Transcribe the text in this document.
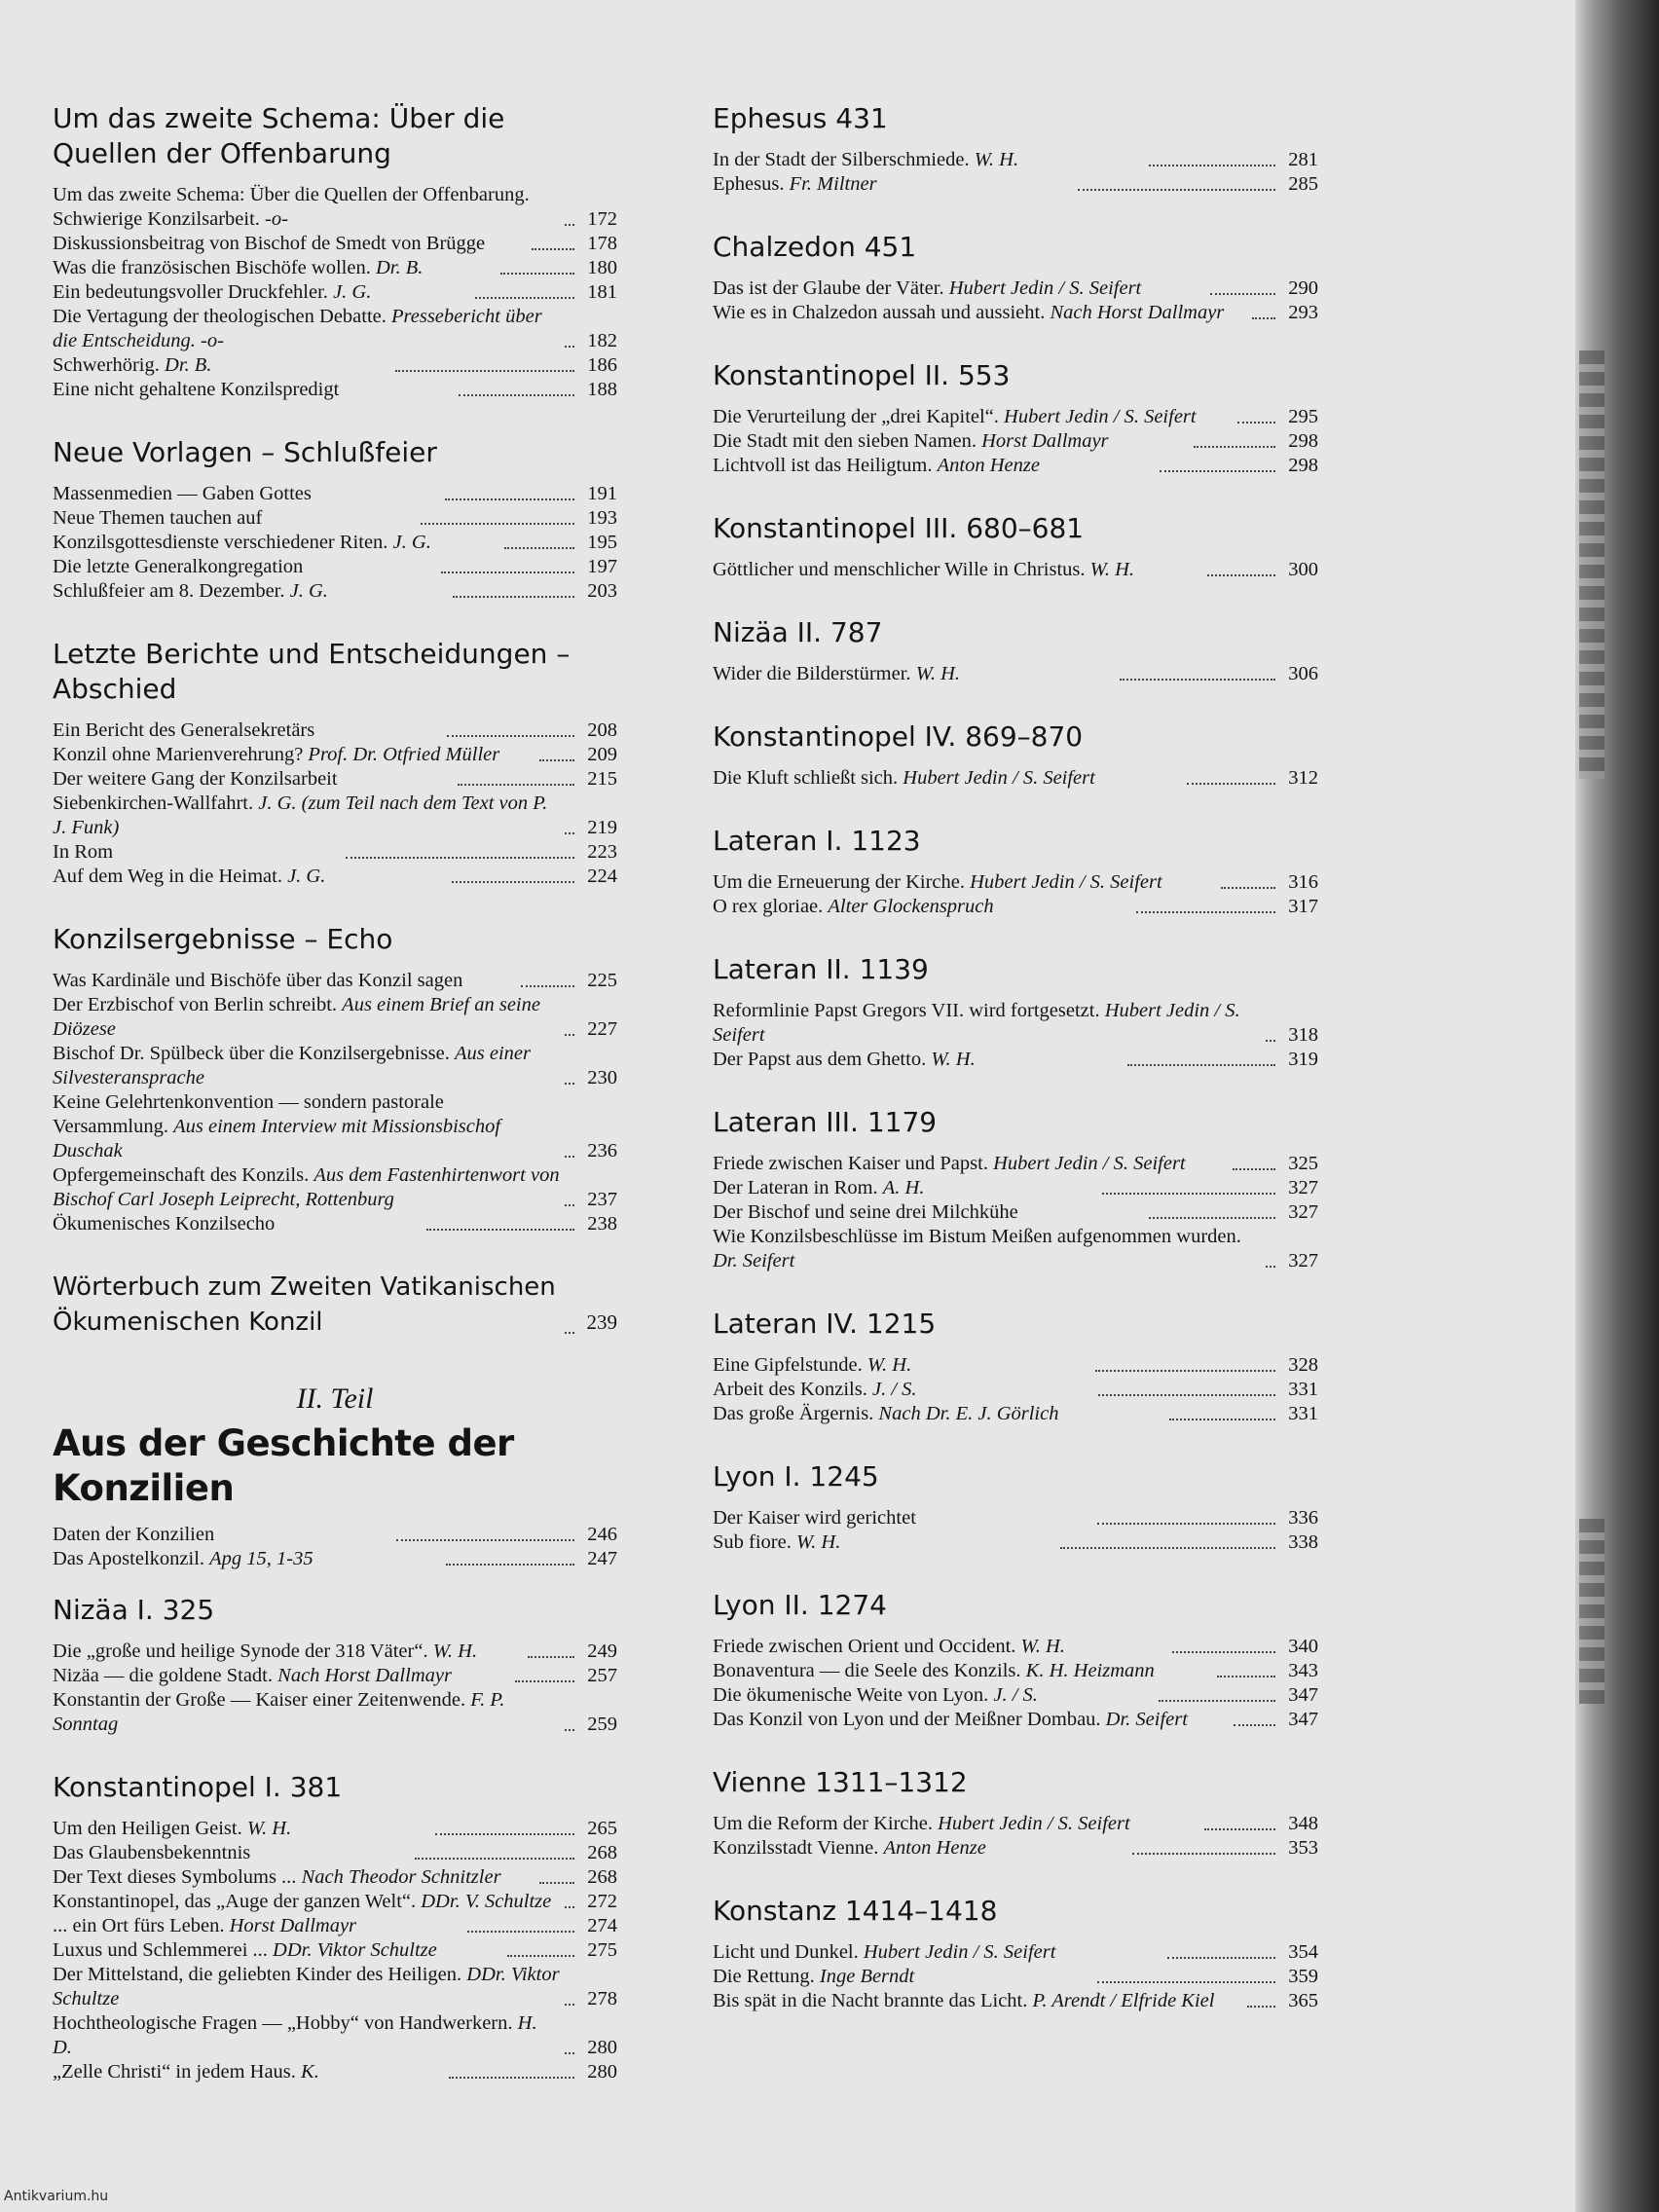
Um das zweite Schema: Über die Quellen der Offenbarung
Um das zweite Schema: Über die Quellen der Offenbarung. Schwierige Konzilsarbeit. -o-	172
Diskussionsbeitrag von Bischof de Smedt von Brügge	178
Was die französischen Bischöfe wollen. Dr. B.	180
Ein bedeutungsvoller Druckfehler. J. G.	181
Die Vertagung der theologischen Debatte. Pressebericht über die Entscheidung. -o-	182
Schwerhörig. Dr. B.	186
Eine nicht gehaltene Konzilspredigt	188
Neue Vorlagen – Schlußfeier
Massenmedien — Gaben Gottes	191
Neue Themen tauchen auf	193
Konzilsgottesdienste verschiedener Riten. J. G.	195
Die letzte Generalkongregation	197
Schlußfeier am 8. Dezember. J. G.	203
Letzte Berichte und Entscheidungen – Abschied
Ein Bericht des Generalsekretärs	208
Konzil ohne Marienverehrung? Prof. Dr. Otfried Müller	209
Der weitere Gang der Konzilsarbeit	215
Siebenkirchen-Wallfahrt. J. G. (zum Teil nach dem Text von P. J. Funk)	219
In Rom	223
Auf dem Weg in die Heimat. J. G.	224
Konzilsergebnisse – Echo
Was Kardinäle und Bischöfe über das Konzil sagen	225
Der Erzbischof von Berlin schreibt. Aus einem Brief an seine Diözese	227
Bischof Dr. Spülbeck über die Konzilsergebnisse. Aus einer Silvesteransprache	230
Keine Gelehrtenkonvention — sondern pastorale Versammlung. Aus einem Interview mit Missionsbischof Duschak	236
Opfergemeinschaft des Konzils. Aus dem Fastenhirtenwort von Bischof Carl Joseph Leiprecht, Rottenburg	237
Ökumenisches Konzilsecho	238
Wörterbuch zum Zweiten Vatikanischen Ökumenischen Konzil	239
II. Teil
Aus der Geschichte der Konzilien
Daten der Konzilien	246
Das Apostelkonzil. Apg 15, 1-35	247
Nizäa I. 325
Die „große und heilige Synode der 318 Väter“. W. H.	249
Nizäa — die goldene Stadt. Nach Horst Dallmayr	257
Konstantin der Große — Kaiser einer Zeitenwende. F. P. Sonntag	259
Konstantinopel I. 381
Um den Heiligen Geist. W. H.	265
Das Glaubensbekenntnis	268
Der Text dieses Symbolums ... Nach Theodor Schnitzler	268
Konstantinopel, das „Auge der ganzen Welt“. DDr. V. Schultze	272
... ein Ort fürs Leben. Horst Dallmayr	274
Luxus und Schlemmerei ... DDr. Viktor Schultze	275
Der Mittelstand, die geliebten Kinder des Heiligen. DDr. Viktor Schultze	278
Hochtheologische Fragen — „Hobby“ von Handwerkern. H. D.	280
„Zelle Christi“ in jedem Haus. K.	280
Ephesus 431
In der Stadt der Silberschmiede. W. H.	281
Ephesus. Fr. Miltner	285
Chalzedon 451
Das ist der Glaube der Väter. Hubert Jedin / S. Seifert	290
Wie es in Chalzedon aussah und aussieht. Nach Horst Dallmayr	293
Konstantinopel II. 553
Die Verurteilung der „drei Kapitel“. Hubert Jedin / S. Seifert	295
Die Stadt mit den sieben Namen. Horst Dallmayr	298
Lichtvoll ist das Heiligtum. Anton Henze	298
Konstantinopel III. 680–681
Göttlicher und menschlicher Wille in Christus. W. H.	300
Nizäa II. 787
Wider die Bilderstürmer. W. H.	306
Konstantinopel IV. 869–870
Die Kluft schließt sich. Hubert Jedin / S. Seifert	312
Lateran I. 1123
Um die Erneuerung der Kirche. Hubert Jedin / S. Seifert	316
O rex gloriae. Alter Glockenspruch	317
Lateran II. 1139
Reformlinie Papst Gregors VII. wird fortgesetzt. Hubert Jedin / S. Seifert	318
Der Papst aus dem Ghetto. W. H.	319
Lateran III. 1179
Friede zwischen Kaiser und Papst. Hubert Jedin / S. Seifert	325
Der Lateran in Rom. A. H.	327
Der Bischof und seine drei Milchkühe	327
Wie Konzilsbeschlüsse im Bistum Meißen aufgenommen wurden. Dr. Seifert	327
Lateran IV. 1215
Eine Gipfelstunde. W. H.	328
Arbeit des Konzils. J. / S.	331
Das große Ärgernis. Nach Dr. E. J. Görlich	331
Lyon I. 1245
Der Kaiser wird gerichtet	336
Sub fiore. W. H.	338
Lyon II. 1274
Friede zwischen Orient und Occident. W. H.	340
Bonaventura — die Seele des Konzils. K. H. Heizmann	343
Die ökumenische Weite von Lyon. J. / S.	347
Das Konzil von Lyon und der Meißner Dombau. Dr. Seifert	347
Vienne 1311–1312
Um die Reform der Kirche. Hubert Jedin / S. Seifert	348
Konzilsstadt Vienne. Anton Henze	353
Konstanz 1414–1418
Licht und Dunkel. Hubert Jedin / S. Seifert	354
Die Rettung. Inge Berndt	359
Bis spät in die Nacht brannte das Licht. P. Arendt / Elfride Kiel	365
Antikvarium.hu
